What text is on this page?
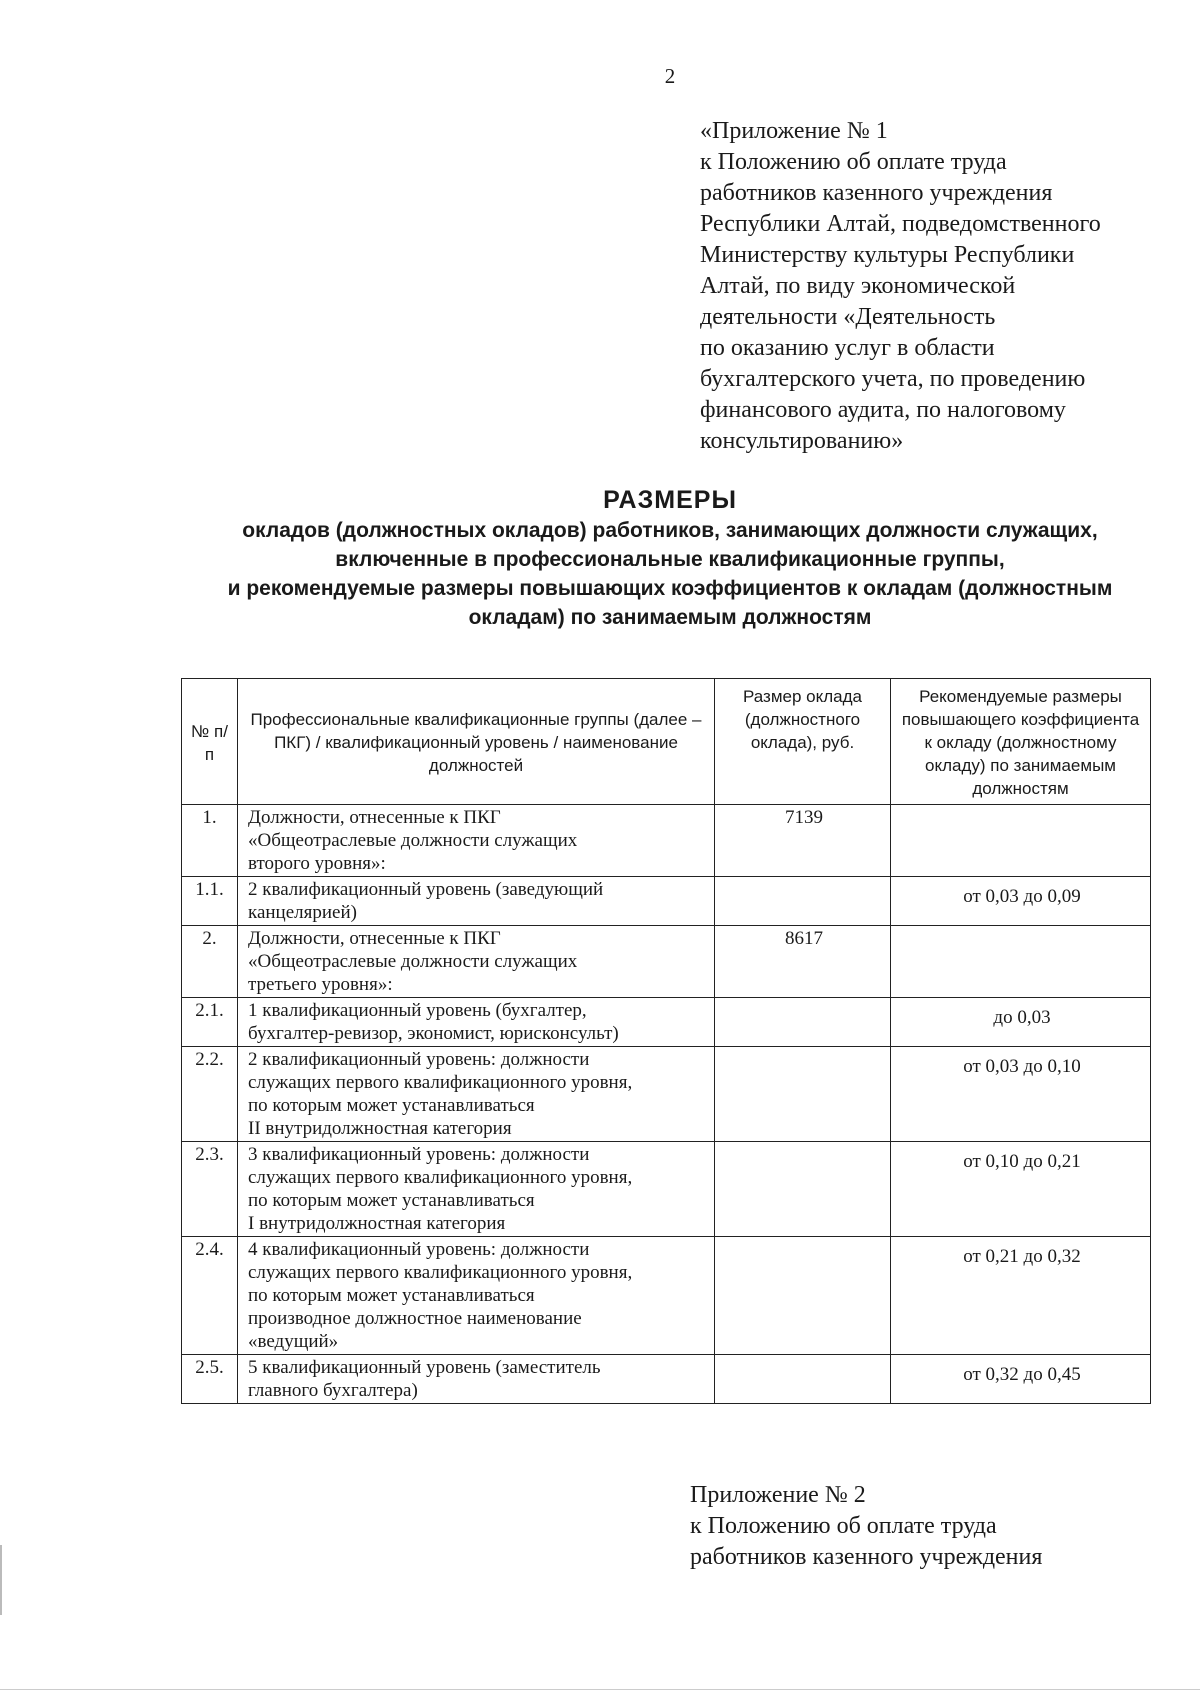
2
«Приложение № 1
к Положению об оплате труда
работников казенного учреждения
Республики Алтай, подведомственного
Министерству культуры Республики
Алтай, по виду экономической
деятельности «Деятельность
по оказанию услуг в области
бухгалтерского учета, по проведению
финансового аудита, по налоговому
консультированию»
РАЗМЕРЫ
окладов (должностных окладов) работников, занимающих должности служащих,
включенные в профессиональные квалификационные группы,
и рекомендуемые размеры повышающих коэффициентов к окладам (должностным
окладам) по занимаемым должностям
№ п/п	Профессиональные квалификационные группы (далее – ПКГ) / квалификационный уровень / наименование должностей	Размер оклада (должностного оклада), руб.	Рекомендуемые размеры повышающего коэффициента к окладу (должностному окладу) по занимаемым должностям
1.	Должности, отнесенные к ПКГ
«Общеотраслевые должности служащих
второго уровня»:	7139	
1.1.	2 квалификационный уровень (заведующий
канцелярией)		от 0,03 до 0,09
2.	Должности, отнесенные к ПКГ
«Общеотраслевые должности служащих
третьего уровня»:	8617	
2.1.	1 квалификационный уровень (бухгалтер,
бухгалтер-ревизор, экономист, юрисконсульт)		до 0,03
2.2.	2 квалификационный уровень: должности
служащих первого квалификационного уровня,
по которым может устанавливаться
II внутридолжностная категория		от 0,03 до 0,10
2.3.	3 квалификационный уровень: должности
служащих первого квалификационного уровня,
по которым может устанавливаться
I внутридолжностная категория		от 0,10 до 0,21
2.4.	4 квалификационный уровень: должности
служащих первого квалификационного уровня,
по которым может устанавливаться
производное должностное наименование
«ведущий»		от 0,21 до 0,32
2.5.	5 квалификационный уровень (заместитель
главного бухгалтера)		от 0,32 до 0,45
Приложение № 2
к Положению об оплате труда
работников казенного учреждения
